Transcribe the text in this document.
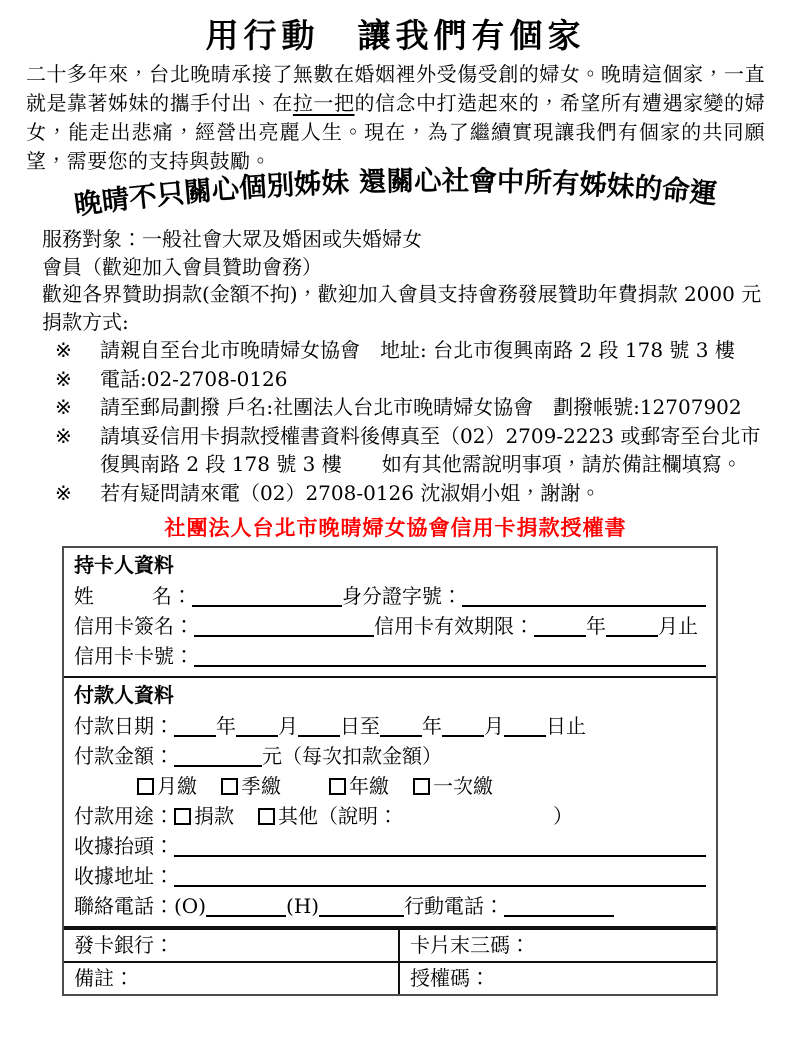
用行動　讓我們有個家

二十多年來，台北晚晴承接了無數在婚姻裡外受傷受創的婦女。晚晴這個家，一直就是靠著姊妹的攜手付出、在拉一把的信念中打造起來的，希望所有遭遇家變的婦女，能走出悲痛，經營出亮麗人生。現在，為了繼續實現讓我們有個家的共同願望，需要您的支持與鼓勵。

晚晴不只關心個別姊妹 還關心社會中所有姊妹的命運
服務對象：一般社會大眾及婚困或失婚婦女
會員（歡迎加入會員贊助會務）
歡迎各界贊助捐款(金額不拘)，歡迎加入會員支持會務發展贊助年費捐款 2000 元
捐款方式:
※ 請親自至台北市晚晴婦女協會　地址: 台北市復興南路 2 段 178 號 3 樓
※ 電話:02-2708-0126
※ 請至郵局劃撥 戶名:社團法人台北市晚晴婦女協會　劃撥帳號:12707902
※ 請填妥信用卡捐款授權書資料後傳真至（02）2709-2223 或郵寄至台北市復興南路 2 段 178 號 3 樓　　如有其他需說明事項，請於備註欄填寫。
※ 若有疑問請來電（02）2708-0126 沈淑娟小姐，謝謝。
社團法人台北市晚晴婦女協會信用卡捐款授權書
持卡人資料
姓	名：	身分證字號：
信用卡簽名：	信用卡有效期限：	年	月止
信用卡卡號：
付款人資料
付款日期： 年 月 日至 年 月 日止
付款金額：	元（每次扣款金額）
月繳 季繳	年繳 一次繳
付款用途： 捐款 其他（說明：	）
收據抬頭：
收據地址：
聯絡電話： (O)	(H)	行動電話：
發卡銀行：	卡片末三碼：
備註：	授權碼：
